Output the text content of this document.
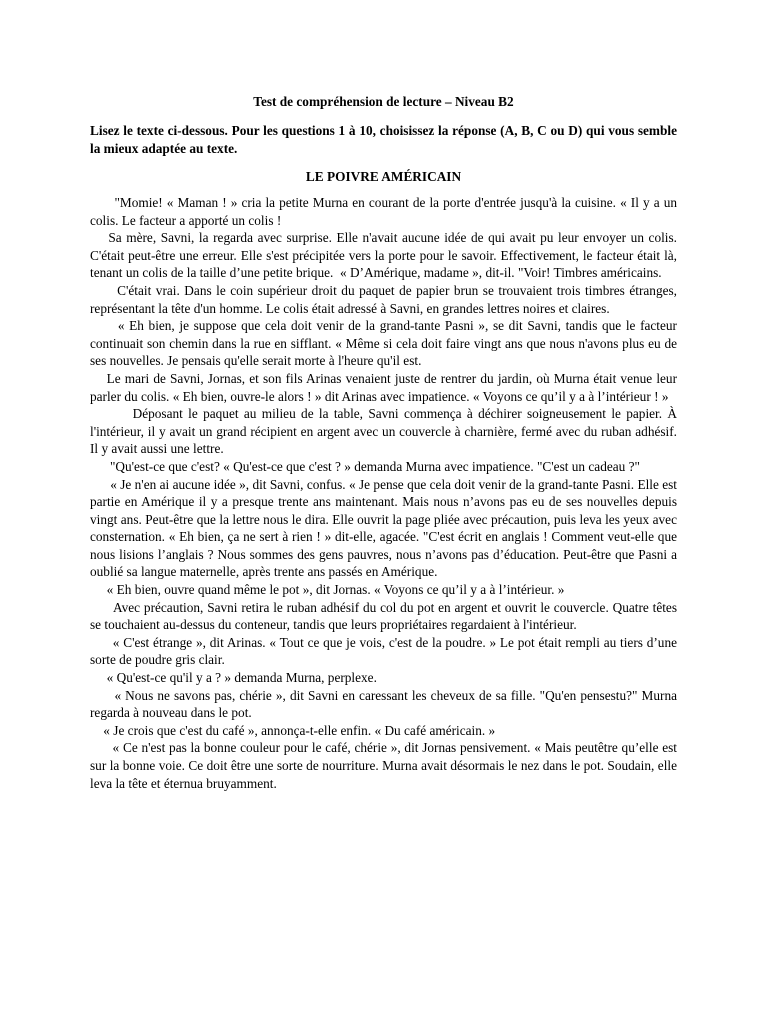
Test de compréhension de lecture – Niveau B2

Lisez le texte ci-dessous. Pour les questions 1 à 10, choisissez la réponse (A, B, C ou D) qui vous semble la mieux adaptée au texte.

LE POIVRE AMÉRICAIN

"Momie! « Maman ! » cria la petite Murna en courant de la porte d'entrée jusqu'à la cuisine. « Il y a un colis. Le facteur a apporté un colis !

Sa mère, Savni, la regarda avec surprise. Elle n'avait aucune idée de qui avait pu leur envoyer un colis. C'était peut-être une erreur. Elle s'est précipitée vers la porte pour le savoir. Effectivement, le facteur était là, tenant un colis de la taille d’une petite brique.  « D’Amérique, madame », dit-il. "Voir! Timbres américains.

C'était vrai. Dans le coin supérieur droit du paquet de papier brun se trouvaient trois timbres étranges, représentant la tête d'un homme. Le colis était adressé à Savni, en grandes lettres noires et claires.

« Eh bien, je suppose que cela doit venir de la grand-tante Pasni », se dit Savni, tandis que le facteur continuait son chemin dans la rue en sifflant. « Même si cela doit faire vingt ans que nous n'avons plus eu de ses nouvelles. Je pensais qu'elle serait morte à l'heure qu'il est.

Le mari de Savni, Jornas, et son fils Arinas venaient juste de rentrer du jardin, où Murna était venue leur parler du colis. « Eh bien, ouvre-le alors ! » dit Arinas avec impatience. « Voyons ce qu’il y a à l’intérieur ! »

Déposant le paquet au milieu de la table, Savni commença à déchirer soigneusement le papier. À l'intérieur, il y avait un grand récipient en argent avec un couvercle à charnière, fermé avec du ruban adhésif. Il y avait aussi une lettre.

"Qu'est-ce que c'est? « Qu'est-ce que c'est ? » demanda Murna avec impatience. "C'est un cadeau ?"

« Je n'en ai aucune idée », dit Savni, confus. « Je pense que cela doit venir de la grand-tante Pasni. Elle est partie en Amérique il y a presque trente ans maintenant. Mais nous n’avons pas eu de ses nouvelles depuis vingt ans. Peut-être que la lettre nous le dira. Elle ouvrit la page pliée avec précaution, puis leva les yeux avec consternation. « Eh bien, ça ne sert à rien ! » dit-elle, agacée. "C'est écrit en anglais ! Comment veut-elle que nous lisions l’anglais ? Nous sommes des gens pauvres, nous n’avons pas d’éducation. Peut-être que Pasni a oublié sa langue maternelle, après trente ans passés en Amérique.

« Eh bien, ouvre quand même le pot », dit Jornas. « Voyons ce qu’il y a à l’intérieur. »

Avec précaution, Savni retira le ruban adhésif du col du pot en argent et ouvrit le couvercle. Quatre têtes se touchaient au-dessus du conteneur, tandis que leurs propriétaires regardaient à l'intérieur.

« C'est étrange », dit Arinas. « Tout ce que je vois, c'est de la poudre. » Le pot était rempli au tiers d’une sorte de poudre gris clair.

« Qu'est-ce qu'il y a ? » demanda Murna, perplexe.

« Nous ne savons pas, chérie », dit Savni en caressant les cheveux de sa fille. "Qu'en pensestu?" Murna regarda à nouveau dans le pot.

« Je crois que c'est du café », annonça-t-elle enfin. « Du café américain. »

« Ce n'est pas la bonne couleur pour le café, chérie », dit Jornas pensivement. « Mais peutêtre qu’elle est sur la bonne voie. Ce doit être une sorte de nourriture. Murna avait désormais le nez dans le pot. Soudain, elle leva la tête et éternua bruyamment.
